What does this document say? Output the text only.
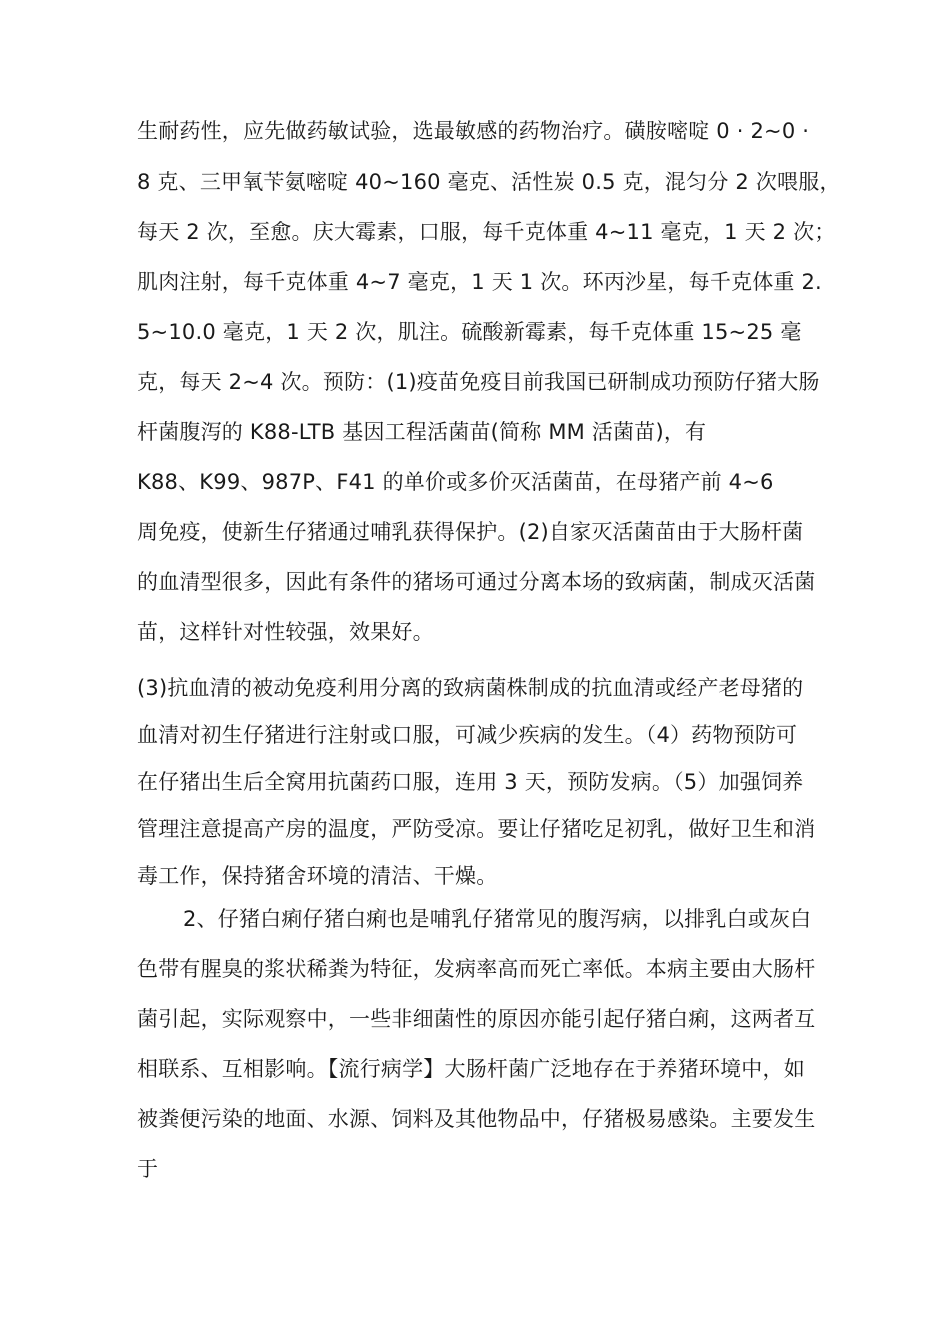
生耐药性，应先做药敏试验，选最敏感的药物治疗。磺胺嘧啶 0 · 2~0 ·
8 克、三甲氧苄氨嘧啶 40~160 毫克、活性炭 0.5 克，混匀分 2 次喂服，
每天 2 次，至愈。庆大霉素，口服，每千克体重 4~11 毫克，1 天 2 次；
肌肉注射，每千克体重 4~7 毫克，1 天 1 次。环丙沙星，每千克体重 2.
5~10.0 毫克，1 天 2 次，肌注。硫酸新霉素，每千克体重 15~25 毫
克，每天 2~4 次。预防：(1)疫苗免疫目前我国已研制成功预防仔猪大肠
杆菌腹泻的 K88-LTB 基因工程活菌苗(简称 MM 活菌苗)，有
K88、K99、987P、F41 的单价或多价灭活菌苗，在母猪产前 4~6
周免疫，使新生仔猪通过哺乳获得保护。(2)自家灭活菌苗由于大肠杆菌
的血清型很多，因此有条件的猪场可通过分离本场的致病菌，制成灭活菌
苗，这样针对性较强，效果好。
(3)抗血清的被动免疫利用分离的致病菌株制成的抗血清或经产老母猪的
血清对初生仔猪进行注射或口服，可减少疾病的发生。（4）药物预防可
在仔猪出生后全窝用抗菌药口服，连用 3 天，预防发病。（5）加强饲养
管理注意提高产房的温度，严防受凉。要让仔猪吃足初乳，做好卫生和消
毒工作，保持猪舍环境的清洁、干燥。
2、仔猪白痢仔猪白痢也是哺乳仔猪常见的腹泻病，以排乳白或灰白
色带有腥臭的浆状稀粪为特征，发病率高而死亡率低。本病主要由大肠杆
菌引起，实际观察中，一些非细菌性的原因亦能引起仔猪白痢，这两者互
相联系、互相影响。【流行病学】大肠杆菌广泛地存在于养猪环境中，如
被粪便污染的地面、水源、饲料及其他物品中，仔猪极易感染。主要发生
于
